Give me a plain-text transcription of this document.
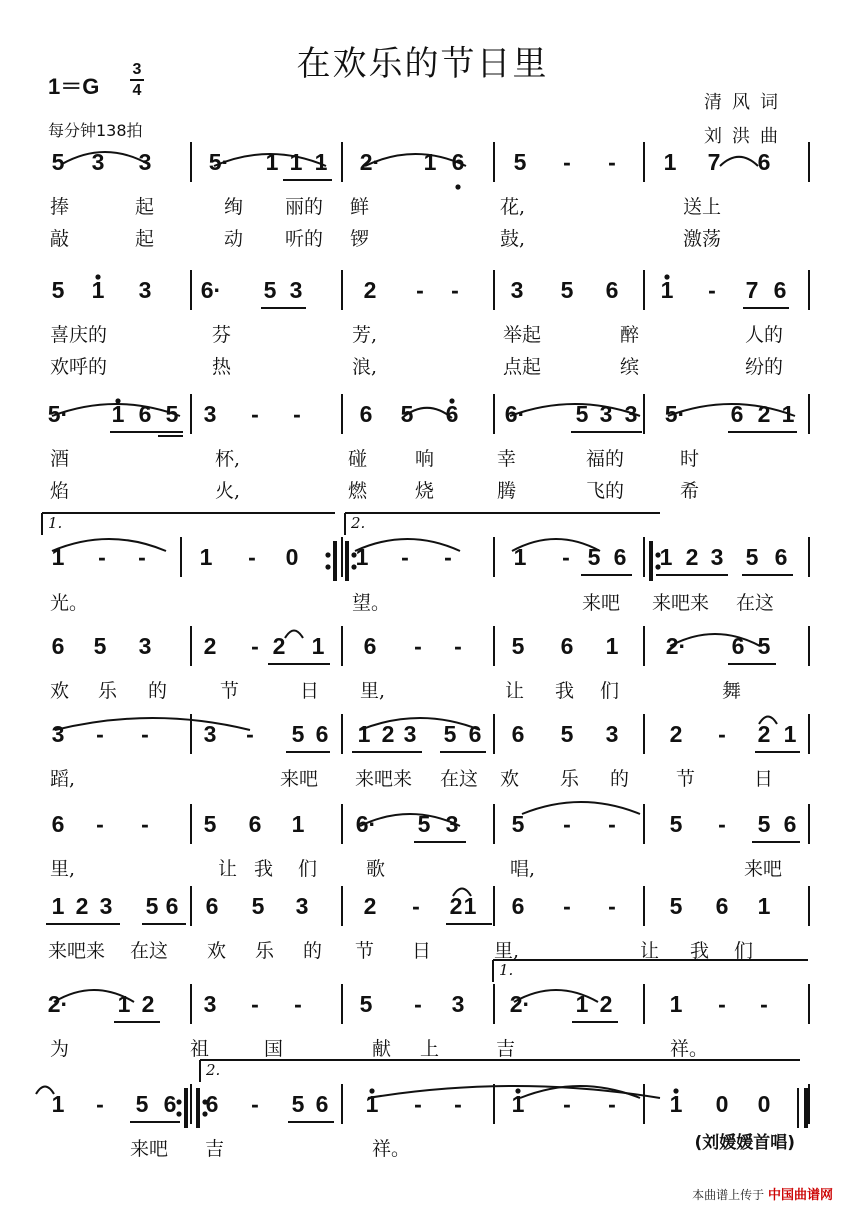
在欢乐的节日里
1＝G
3
4
每分钟138拍
清风词
刘洪曲
5 3 3 5· 1 1 1 2· 1 6 5	-	-	1 7 6
捧	起	绚 丽的 鲜	花,	送上
敲	起	动 听的 锣	鼓,	激荡
5 1 3 6· 5 3	2	-	-	3 5 6 1	-	7 6
喜庆的	芬	芳,	举起	醉	人的
欢呼的	热	浪,	点起	缤	纷的
5· 1 6 5 3	-	-	6 5 6 6· 5 3 3 5· 6 2 1
酒	杯,	碰	响	幸	福的	时
焰	火,	燃	烧	腾	飞的	希
1	-	-	1	-	0 1	-	-	1	- 5 6 1 2 3 5 6
光。	望。	来吧 来吧来 在这
1.	2.
6 5 3 2	- 2 1 6	-	-	5 6 1 2· 6 5
欢 乐 的	节	日 里,	让 我 们	舞
3	-	-	3	-	5 6 1 2 3 5 6 6 5 3 2	-	2 1
蹈,	来吧 来吧来 在这 欢 乐 的 节	日
6	-	-	5 6 1 6· 5 3 5	-	-	5	-	5 6
里,	让 我 们	歌	唱,	来吧
1 2 3 5 6 6 5 3 2	-	2 1 6	-	-	5 6 1
来吧来 在这 欢 乐 的 节 日	里,	让 我 们
2· 1 2 3	-	-	5	-	3 2· 1 2 1	-	-
为	祖	国	献 上	吉	祥。
1.
1	-	5 6 6	-	5 6 1	-	-	1	-	-	1 0 0
来吧 吉	祥。
2.
(刘媛媛首唱)
本曲谱上传于 中国曲谱网
